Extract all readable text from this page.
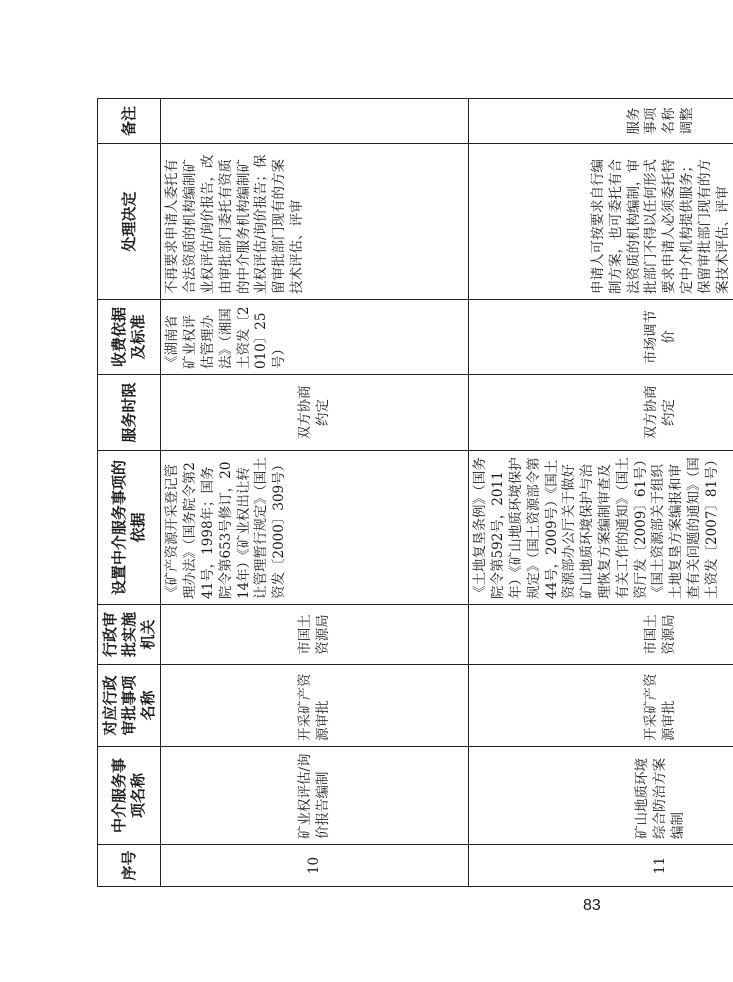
序号	中介服务事项名称	对应行政审批事项名称	行政审批实施机关	设置中介服务事项的依据	服务时限	收费依据及标准	处理决定	备注
10	矿业权评估/询价报告编制	开采矿产资源审批	市国土资源局	《矿产资源开采登记管理办法》（国务院令第241号，1998年；国务院令第653号修订，2014年）《矿业权出让转让管理暂行规定》（国土资发〔2000〕309号）	双方协商约定	《湖南省矿业权评估管理办法》（湘国土资发〔2010〕25号）	不再要求申请人委托有合法资质的机构编制矿业权评估/询价报告，改由审批部门委托有资质的中介服务机构编制矿业权评估/询价报告；保留审批部门现有的方案技术评估、评审	
11	矿山地质环境综合防治方案编制	开采矿产资源审批	市国土资源局	《土地复垦条例》（国务院令第592号，2011年）《矿山地质环境保护规定》（国土资源部令第44号，2009号）《国土资源部办公厅关于做好矿山地质环境保护与治理恢复方案编制审查及有关工作的通知》（国土资厅发〔2009〕61号）《国土资源部关于组织土地复垦方案编报和审查有关问题的通知》（国土资发〔2007〕81号）	双方协商约定	市场调节价	申请人可按要求自行编制方案，也可委托有合法资质的机构编制，审批部门不得以任何形式要求申请人必须委托特定中介机构提供服务；保留审批部门现有的方案技术评估、评审	服务事项名称调整
83
